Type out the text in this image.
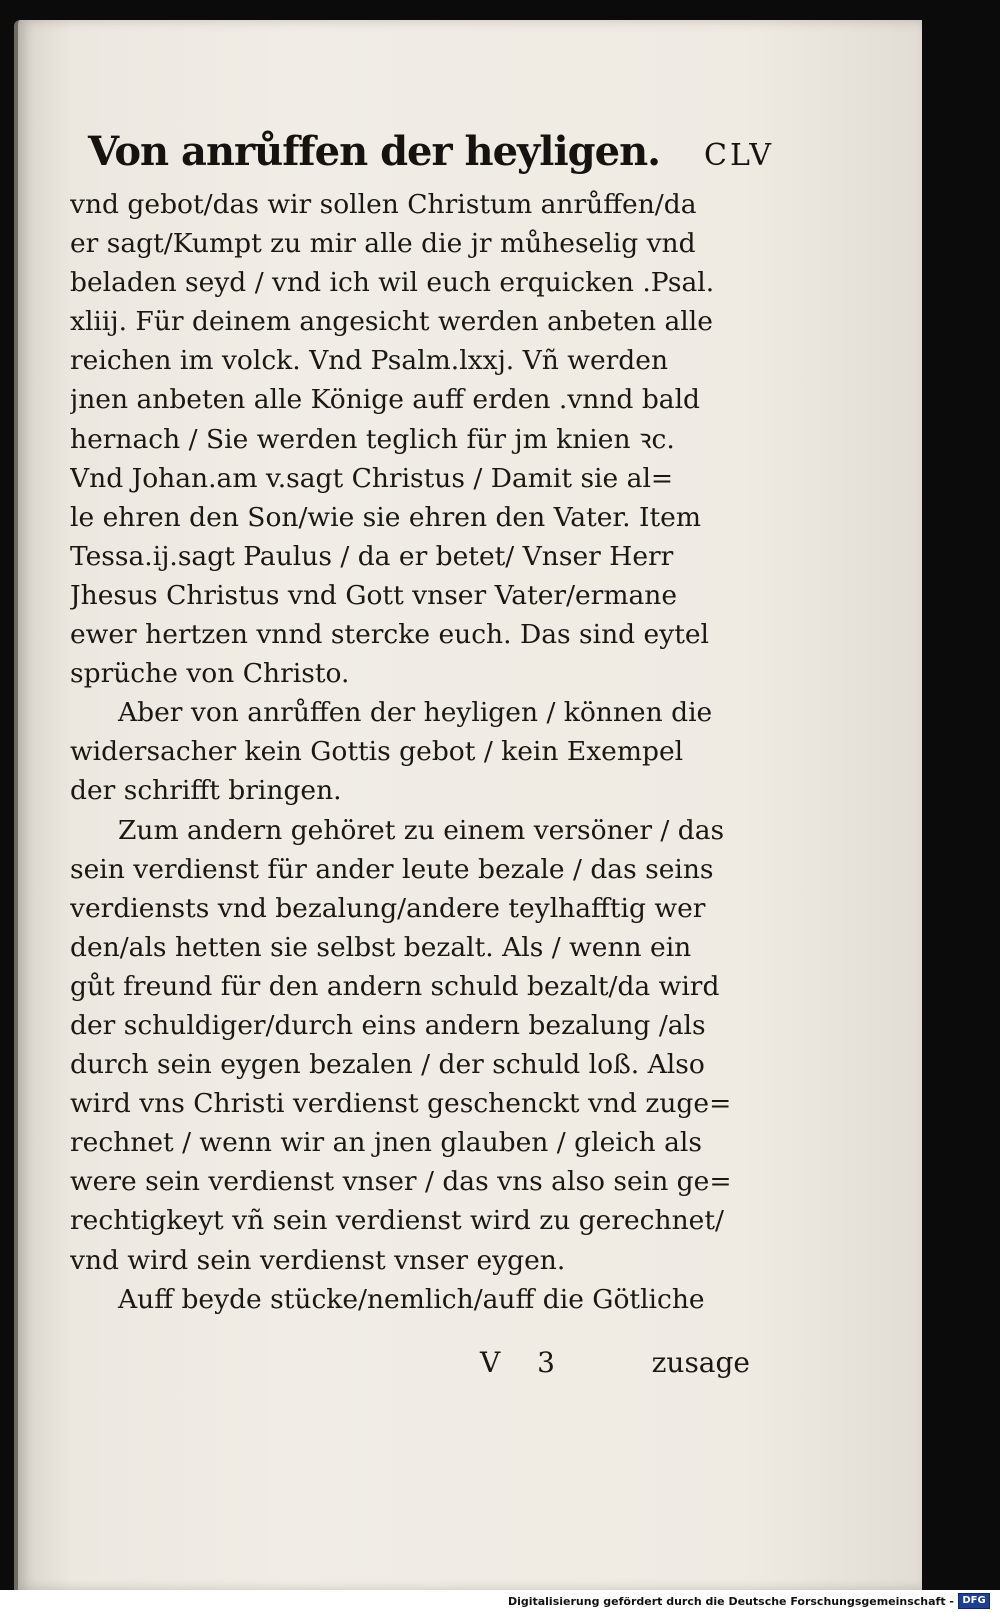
Von anrůffen der heyligen. CLV
vnd gebot/das wir sollen Christum anrůffen/da
er sagt/Kumpt zu mir alle die jr můheselig vnd
beladen seyd / vnd ich wil euch erquicken .Psal.
xliij. Für deinem angesicht werden anbeten alle
reichen im volck. Vnd Psalm.lxxj. Vñ werden
jnen anbeten alle Könige auff erden .vnnd bald
hernach / Sie werden teglich für jm knien ꝛc.
Vnd Johan.am v.sagt Christus / Damit sie al=
le ehren den Son/wie sie ehren den Vater. Item
Tessa.ij.sagt Paulus / da er betet/ Vnser Herr
Jhesus Christus vnd Gott vnser Vater/ermane
ewer hertzen vnnd stercke euch. Das sind eytel
sprüche von Christo.
Aber von anrůffen der heyligen / können die
widersacher kein Gottis gebot / kein Exempel
der schrifft bringen.
Zum andern gehöret zu einem versöner / das
sein verdienst für ander leute bezale / das seins
verdiensts vnd bezalung/andere teylhafftig wer
den/als hetten sie selbst bezalt. Als / wenn ein
gůt freund für den andern schuld bezalt/da wird
der schuldiger/durch eins andern bezalung /als
durch sein eygen bezalen / der schuld loß. Also
wird vns Christi verdienst geschenckt vnd zuge=
rechnet / wenn wir an jnen glauben / gleich als
were sein verdienst vnser / das vns also sein ge=
rechtigkeyt vñ sein verdienst wird zu gerechnet/
vnd wird sein verdienst vnser eygen.
Auff beyde stücke/nemlich/auff die Götliche
V 3	zusage
Digitalisierung gefördert durch die Deutsche Forschungsgemeinschaft - DFG
